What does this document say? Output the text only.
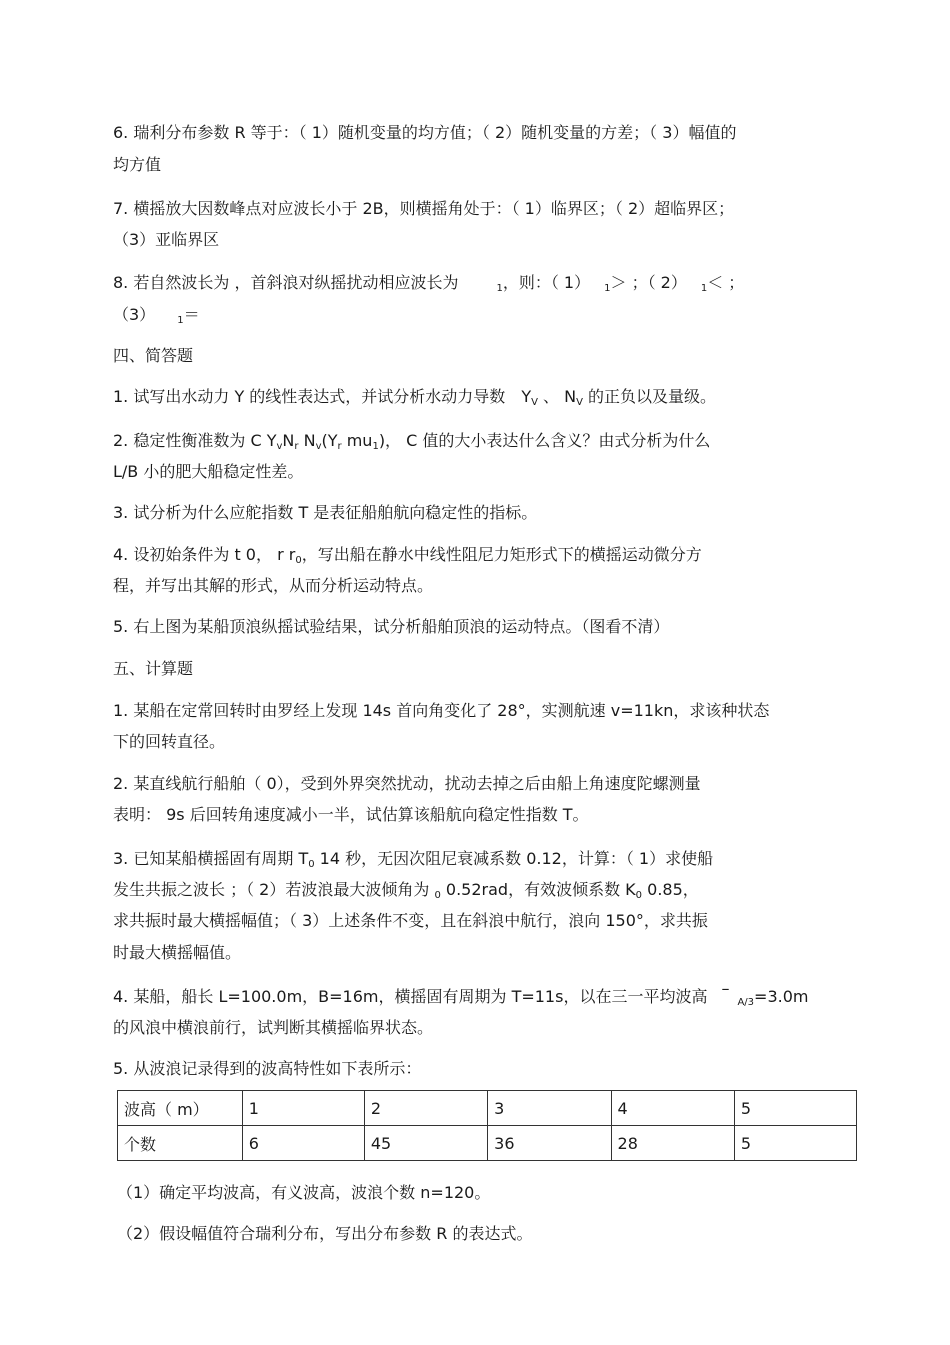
6. 瑞利分布参数 R 等于：（ 1）随机变量的均方值；（ 2）随机变量的方差；（ 3）幅值的
均方值
7. 横摇放大因数峰点对应波长小于 2B，则横摇角处于：（ 1）临界区；（ 2）超临界区；
（3）亚临界区
8. 若自然波长为 ，首斜浪对纵摇扰动相应波长为	$_1$，则：（ 1） $_1$＞ ；（ 2） $_1$＜ ；
（3） $_1$＝
四、简答题
1. 试写出水动力 Y 的线性表达式，并试分析水动力导数 $Y_V$ 、 $N_V$ 的正负以及量级。
2. 稳定性衡准数为 C $Y_vN_r$ $N_v(Y_r$ $mu_1$)， C 值的大小表达什么含义？由式分析为什么
L/B 小的肥大船稳定性差。
3. 试分析为什么应舵指数 T 是表征船舶航向稳定性的指标。
4. 设初始条件为 t 0， r $r_0$，写出船在静水中线性阻尼力矩形式下的横摇运动微分方
程，并写出其解的形式，从而分析运动特点。
5. 右上图为某船顶浪纵摇试验结果，试分析船舶顶浪的运动特点。（图看不清）
五、计算题
1. 某船在定常回转时由罗经上发现 14s 首向角变化了 28°，实测航速 v=11kn，求该种状态
下的回转直径。
2. 某直线航行船舶（ 0），受到外界突然扰动，扰动去掉之后由船上角速度陀螺测量
表明： 9s 后回转角速度减小一半，试估算该船航向稳定性指数 T。
3. 已知某船横摇固有周期 $T_0$ 14 秒，无因次阻尼衰减系数 0.12，计算：（ 1）求使船
发生共振之波长 ；（ 2）若波浪最大波倾角为 $_0$ 0.52rad，有效波倾系数 $K_0$ 0.85，
求共振时最大横摇幅值；（ 3）上述条件不变，且在斜浪中航行，浪向 150°，求共振
时最大横摇幅值。
4. 某船，船长 L=100.0m，B=16m，横摇固有周期为 T=11s，以在三一平均波高 $-_{A/3}=3.0m$
的风浪中横浪前行，试判断其横摇临界状态。
5. 从波浪记录得到的波高特性如下表所示：
波高（ m）	1	2	3	4	5
个数	6	45	36	28	5
（1）确定平均波高，有义波高，波浪个数 n=120。
（2）假设幅值符合瑞利分布，写出分布参数 R 的表达式。
